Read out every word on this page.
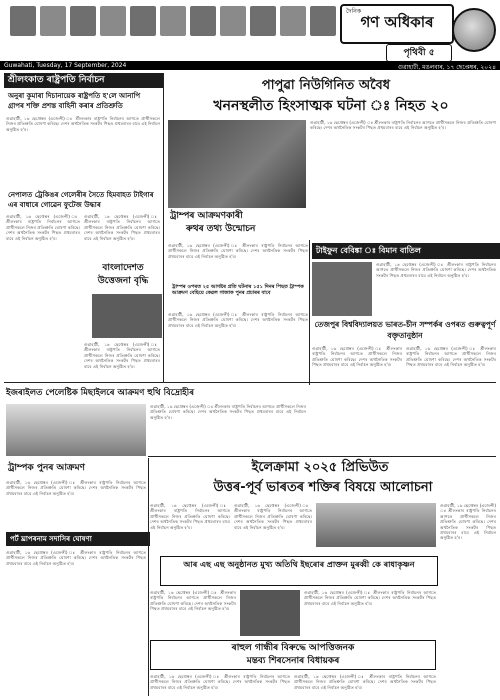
দৈনিক
গণ অধিকাৰ
পৃথিবী ৫
Guwahati, Tuesday, 17 September, 2024	গুৱাহাটী, মঙলবাৰ, ১৭ ছেপ্তেম্বৰ, ২০২৪
শ্ৰীলংকাত ৰাষ্ট্ৰপতি নিৰ্বাচন
অনুৰা কুমাৰা দিচানায়েক ৰাষ্ট্ৰপতি হ'লে আনাপি গ্ৰাপৰ শক্তি প্ৰশস্ত বাহিনী কৰাৰ প্ৰতিশ্ৰুতি
গুৱাহাটী, ১৬ ছেপ্তেম্বৰ (এজেন্সী) ঃ শ্ৰীলংকাৰ ৰাষ্ট্ৰপতি নিৰ্বাচনৰ আগতে প্ৰাৰ্থীসকলে নিজৰ প্ৰতিশ্ৰুতি ঘোষণা কৰিছে। দেশৰ অৰ্থনৈতিক সংকটৰ পিছত প্ৰথমবাৰৰ বাবে এই নিৰ্বাচন অনুষ্ঠিত হ'ব।
নেপালত ট্ৰেকিঙৰ গেলেৰীৰ সৈতে হিমবাহত টাইগাৰ এৰ বাধাৰে গোৱেন ফুটেজ উদ্ধাৰ
গুৱাহাটী, ১৬ ছেপ্তেম্বৰ (এজেন্সী) ঃ শ্ৰীলংকাৰ ৰাষ্ট্ৰপতি নিৰ্বাচনৰ আগতে প্ৰাৰ্থীসকলে নিজৰ প্ৰতিশ্ৰুতি ঘোষণা কৰিছে। দেশৰ অৰ্থনৈতিক সংকটৰ পিছত প্ৰথমবাৰৰ বাবে এই নিৰ্বাচন অনুষ্ঠিত হ'ব।
গুৱাহাটী, ১৬ ছেপ্তেম্বৰ (এজেন্সী) ঃ শ্ৰীলংকাৰ ৰাষ্ট্ৰপতি নিৰ্বাচনৰ আগতে প্ৰাৰ্থীসকলে নিজৰ প্ৰতিশ্ৰুতি ঘোষণা কৰিছে। দেশৰ অৰ্থনৈতিক সংকটৰ পিছত প্ৰথমবাৰৰ বাবে এই নিৰ্বাচন অনুষ্ঠিত হ'ব।
বাংলাদেশত উত্তেজনা বৃদ্ধি
গুৱাহাটী, ১৬ ছেপ্তেম্বৰ (এজেন্সী) ঃ শ্ৰীলংকাৰ ৰাষ্ট্ৰপতি নিৰ্বাচনৰ আগতে প্ৰাৰ্থীসকলে নিজৰ প্ৰতিশ্ৰুতি ঘোষণা কৰিছে। দেশৰ অৰ্থনৈতিক সংকটৰ পিছত প্ৰথমবাৰৰ বাবে এই নিৰ্বাচন অনুষ্ঠিত হ'ব।
পাপুৱা নিউগিনিত অবৈধ
খননস্থলীত হিংসাত্মক ঘটনা ঃ নিহত ২০
গুৱাহাটী, ১৬ ছেপ্তেম্বৰ (এজেন্সী) ঃ শ্ৰীলংকাৰ ৰাষ্ট্ৰপতি নিৰ্বাচনৰ আগতে প্ৰাৰ্থীসকলে নিজৰ প্ৰতিশ্ৰুতি ঘোষণা কৰিছে। দেশৰ অৰ্থনৈতিক সংকটৰ পিছত প্ৰথমবাৰৰ বাবে এই নিৰ্বাচন অনুষ্ঠিত হ'ব।
ট্ৰাম্পৰ আক্ৰমণকাৰী
ৰুথৰ তথ্য উন্মোচন
গুৱাহাটী, ১৬ ছেপ্তেম্বৰ (এজেন্সী) ঃ শ্ৰীলংকাৰ ৰাষ্ট্ৰপতি নিৰ্বাচনৰ আগতে প্ৰাৰ্থীসকলে নিজৰ প্ৰতিশ্ৰুতি ঘোষণা কৰিছে। দেশৰ অৰ্থনৈতিক সংকটৰ পিছত প্ৰথমবাৰৰ বাবে এই নিৰ্বাচন অনুষ্ঠিত হ'ব।
ট্ৰাম্পৰ ওপৰত ২৫ আগষ্টৰ প্ৰতি ঘটনাৰ ১৫১ দিনৰ পিছত ট্ৰাম্পক আক্ৰমণ বেছিয়ে কেৱল গাজাক পুনৰ প্ৰচাৰৰ বাবে
গুৱাহাটী, ১৬ ছেপ্তেম্বৰ (এজেন্সী) ঃ শ্ৰীলংকাৰ ৰাষ্ট্ৰপতি নিৰ্বাচনৰ আগতে প্ৰাৰ্থীসকলে নিজৰ প্ৰতিশ্ৰুতি ঘোষণা কৰিছে। দেশৰ অৰ্থনৈতিক সংকটৰ পিছত প্ৰথমবাৰৰ বাবে এই নিৰ্বাচন অনুষ্ঠিত হ'ব।
টাইফুন বেবিঙ্কা ঃ বিমান বাতিল
গুৱাহাটী, ১৬ ছেপ্তেম্বৰ (এজেন্সী) ঃ শ্ৰীলংকাৰ ৰাষ্ট্ৰপতি নিৰ্বাচনৰ আগতে প্ৰাৰ্থীসকলে নিজৰ প্ৰতিশ্ৰুতি ঘোষণা কৰিছে। দেশৰ অৰ্থনৈতিক সংকটৰ পিছত প্ৰথমবাৰৰ বাবে এই নিৰ্বাচন অনুষ্ঠিত হ'ব।
তেজপুৰ বিশ্ববিদ্যালয়ত ভাৰত-চীন সম্পৰ্কৰ ওপৰত গুৰুত্বপূৰ্ণ বক্তৃতানুষ্ঠান
গুৱাহাটী, ১৬ ছেপ্তেম্বৰ (এজেন্সী) ঃ শ্ৰীলংকাৰ ৰাষ্ট্ৰপতি নিৰ্বাচনৰ আগতে প্ৰাৰ্থীসকলে নিজৰ প্ৰতিশ্ৰুতি ঘোষণা কৰিছে। দেশৰ অৰ্থনৈতিক সংকটৰ পিছত প্ৰথমবাৰৰ বাবে এই নিৰ্বাচন অনুষ্ঠিত হ'ব।
গুৱাহাটী, ১৬ ছেপ্তেম্বৰ (এজেন্সী) ঃ শ্ৰীলংকাৰ ৰাষ্ট্ৰপতি নিৰ্বাচনৰ আগতে প্ৰাৰ্থীসকলে নিজৰ প্ৰতিশ্ৰুতি ঘোষণা কৰিছে। দেশৰ অৰ্থনৈতিক সংকটৰ পিছত প্ৰথমবাৰৰ বাবে এই নিৰ্বাচন অনুষ্ঠিত হ'ব।
ইজৰাইলত পেলেষ্টিক মিছাইলৰে আক্ৰমণ হুথি বিদ্ৰোহীৰ
গুৱাহাটী, ১৬ ছেপ্তেম্বৰ (এজেন্সী) ঃ শ্ৰীলংকাৰ ৰাষ্ট্ৰপতি নিৰ্বাচনৰ আগতে প্ৰাৰ্থীসকলে নিজৰ প্ৰতিশ্ৰুতি ঘোষণা কৰিছে। দেশৰ অৰ্থনৈতিক সংকটৰ পিছত প্ৰথমবাৰৰ বাবে এই নিৰ্বাচন অনুষ্ঠিত হ'ব।
ইলেক্ৰামা ২০২৫ প্ৰিভিউত
উত্তৰ-পূৰ্ব ভাৰতৰ শক্তিৰ বিষয়ে আলোচনা
ট্ৰাম্পক পুনৰ আক্ৰমণ
গুৱাহাটী, ১৬ ছেপ্তেম্বৰ (এজেন্সী) ঃ শ্ৰীলংকাৰ ৰাষ্ট্ৰপতি নিৰ্বাচনৰ আগতে প্ৰাৰ্থীসকলে নিজৰ প্ৰতিশ্ৰুতি ঘোষণা কৰিছে। দেশৰ অৰ্থনৈতিক সংকটৰ পিছত প্ৰথমবাৰৰ বাবে এই নিৰ্বাচন অনুষ্ঠিত হ'ব।
পৰ্ট ঘ্ৰাপৰনাম সদাসিৰ ঘোষণা
গুৱাহাটী, ১৬ ছেপ্তেম্বৰ (এজেন্সী) ঃ শ্ৰীলংকাৰ ৰাষ্ট্ৰপতি নিৰ্বাচনৰ আগতে প্ৰাৰ্থীসকলে নিজৰ প্ৰতিশ্ৰুতি ঘোষণা কৰিছে। দেশৰ অৰ্থনৈতিক সংকটৰ পিছত প্ৰথমবাৰৰ বাবে এই নিৰ্বাচন অনুষ্ঠিত হ'ব।
গুৱাহাটী, ১৬ ছেপ্তেম্বৰ (এজেন্সী) ঃ শ্ৰীলংকাৰ ৰাষ্ট্ৰপতি নিৰ্বাচনৰ আগতে প্ৰাৰ্থীসকলে নিজৰ প্ৰতিশ্ৰুতি ঘোষণা কৰিছে। দেশৰ অৰ্থনৈতিক সংকটৰ পিছত প্ৰথমবাৰৰ বাবে এই নিৰ্বাচন অনুষ্ঠিত হ'ব।
গুৱাহাটী, ১৬ ছেপ্তেম্বৰ (এজেন্সী) ঃ শ্ৰীলংকাৰ ৰাষ্ট্ৰপতি নিৰ্বাচনৰ আগতে প্ৰাৰ্থীসকলে নিজৰ প্ৰতিশ্ৰুতি ঘোষণা কৰিছে। দেশৰ অৰ্থনৈতিক সংকটৰ পিছত প্ৰথমবাৰৰ বাবে এই নিৰ্বাচন অনুষ্ঠিত হ'ব।
গুৱাহাটী, ১৬ ছেপ্তেম্বৰ (এজেন্সী) ঃ শ্ৰীলংকাৰ ৰাষ্ট্ৰপতি নিৰ্বাচনৰ আগতে প্ৰাৰ্থীসকলে নিজৰ প্ৰতিশ্ৰুতি ঘোষণা কৰিছে। দেশৰ অৰ্থনৈতিক সংকটৰ পিছত প্ৰথমবাৰৰ বাবে এই নিৰ্বাচন অনুষ্ঠিত হ'ব।
আৰ এছ এছ অনুষ্ঠানত মুখ্য অতিথি ইছৰোৰ প্ৰাক্তন মুৰব্বী কে ৰাধাকৃষ্ণন
গুৱাহাটী, ১৬ ছেপ্তেম্বৰ (এজেন্সী) ঃ শ্ৰীলংকাৰ ৰাষ্ট্ৰপতি নিৰ্বাচনৰ আগতে প্ৰাৰ্থীসকলে নিজৰ প্ৰতিশ্ৰুতি ঘোষণা কৰিছে। দেশৰ অৰ্থনৈতিক সংকটৰ পিছত প্ৰথমবাৰৰ বাবে এই নিৰ্বাচন অনুষ্ঠিত হ'ব।
গুৱাহাটী, ১৬ ছেপ্তেম্বৰ (এজেন্সী) ঃ শ্ৰীলংকাৰ ৰাষ্ট্ৰপতি নিৰ্বাচনৰ আগতে প্ৰাৰ্থীসকলে নিজৰ প্ৰতিশ্ৰুতি ঘোষণা কৰিছে। দেশৰ অৰ্থনৈতিক সংকটৰ পিছত প্ৰথমবাৰৰ বাবে এই নিৰ্বাচন অনুষ্ঠিত হ'ব।
ৰাহুল গান্ধীৰ বিৰুদ্ধে আপত্তিজনক
মন্তব্য শিৰসেনাৰ বিধায়কৰ
গুৱাহাটী, ১৬ ছেপ্তেম্বৰ (এজেন্সী) ঃ শ্ৰীলংকাৰ ৰাষ্ট্ৰপতি নিৰ্বাচনৰ আগতে প্ৰাৰ্থীসকলে নিজৰ প্ৰতিশ্ৰুতি ঘোষণা কৰিছে। দেশৰ অৰ্থনৈতিক সংকটৰ পিছত প্ৰথমবাৰৰ বাবে এই নিৰ্বাচন অনুষ্ঠিত হ'ব।
গুৱাহাটী, ১৬ ছেপ্তেম্বৰ (এজেন্সী) ঃ শ্ৰীলংকাৰ ৰাষ্ট্ৰপতি নিৰ্বাচনৰ আগতে প্ৰাৰ্থীসকলে নিজৰ প্ৰতিশ্ৰুতি ঘোষণা কৰিছে। দেশৰ অৰ্থনৈতিক সংকটৰ পিছত প্ৰথমবাৰৰ বাবে এই নিৰ্বাচন অনুষ্ঠিত হ'ব।
